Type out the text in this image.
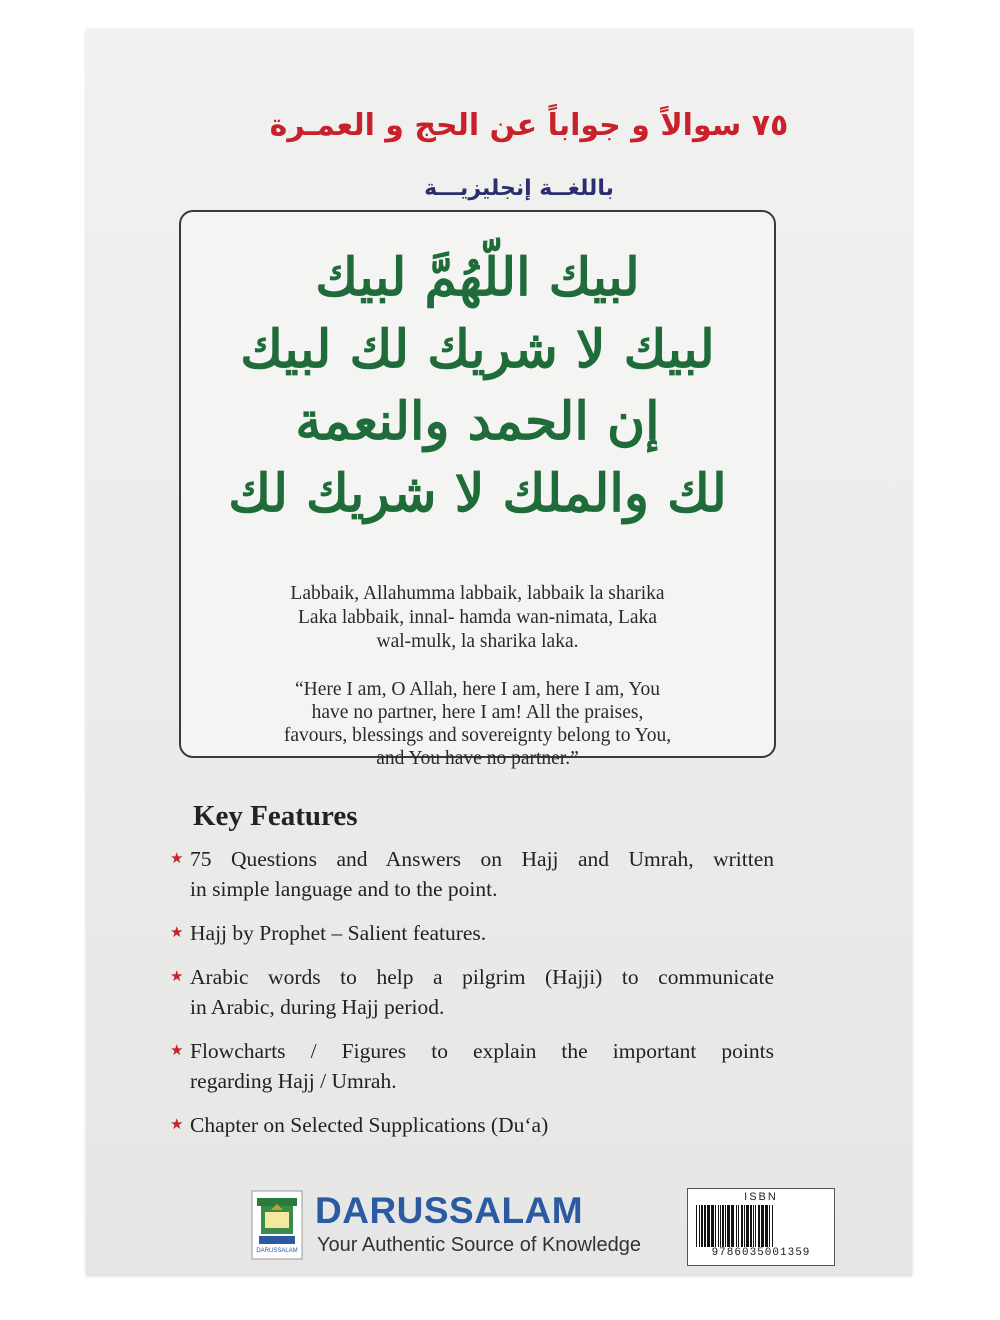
٧٥ سوالاً و جواباً عن الحج و العمـرة
باللغــة إنجليزيـــة
لبيك اللّهُمَّ لبيك
لبيك لا شريك لك لبيك
إن الحمد والنعمة
لك والملك لا شريك لك
Labbaik, Allahumma labbaik, labbaik la sharika
Laka labbaik, innal- hamda wan-nimata, Laka
wal-mulk, la sharika laka.
“Here I am, O Allah, here I am, here I am, You
have no partner, here I am! All the praises,
favours, blessings and sovereignty belong to You,
and You have no partner.”
Key Features
★ 75 Questions and Answers on Hajj and Umrah, written
in simple language and to the point.
★ Hajj by Prophet – Salient features.
★ Arabic words to help a pilgrim (Hajji) to communicate
in Arabic, during Hajj period.
★ Flowcharts / Figures to explain the important points
regarding Hajj / Umrah.
★ Chapter on Selected Supplications (Du‘a)
DARUSSALAM
DARUSSALAM
Your Authentic Source of Knowledge
ISBN
9786035001359
